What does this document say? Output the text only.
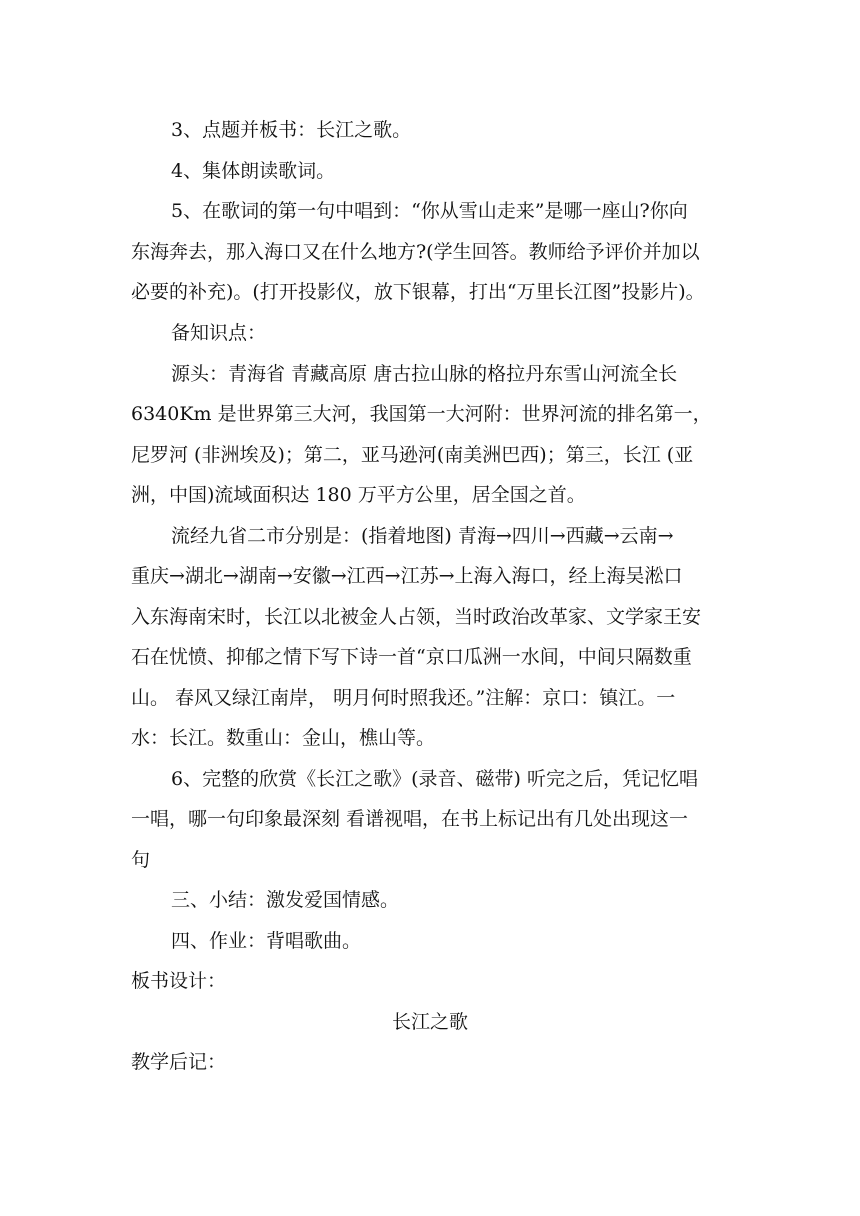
3、点题并板书：长江之歌。

4、集体朗读歌词。

5、在歌词的第一句中唱到：“你从雪山走来”是哪一座山?你向

东海奔去，那入海口又在什么地方?(学生回答。教师给予评价并加以

必要的补充)。(打开投影仪，放下银幕，打出“万里长江图”投影片)。

备知识点：

源头：青海省 青藏高原 唐古拉山脉的格拉丹东雪山河流全长

6340Km 是世界第三大河，我国第一大河附：世界河流的排名第一，

尼罗河 (非洲埃及)；第二，亚马逊河(南美洲巴西)；第三，长江 (亚

洲，中国)流域面积达 180 万平方公里，居全国之首。

流经九省二市分别是：(指着地图) 青海→四川→西藏→云南→

重庆→湖北→湖南→安徽→江西→江苏→上海入海口，经上海吴淞口

入东海南宋时，长江以北被金人占领，当时政治改革家、文学家王安

石在忧愤、抑郁之情下写下诗一首“京口瓜洲一水间，中间只隔数重

山。 春风又绿江南岸， 明月何时照我还。”注解：京口：镇江。一

水：长江。数重山：金山，樵山等。

6、完整的欣赏《长江之歌》(录音、磁带) 听完之后，凭记忆唱

一唱，哪一句印象最深刻 看谱视唱，在书上标记出有几处出现这一

句

三、小结：激发爱国情感。

四、作业：背唱歌曲。

板书设计：

长江之歌

教学后记：
